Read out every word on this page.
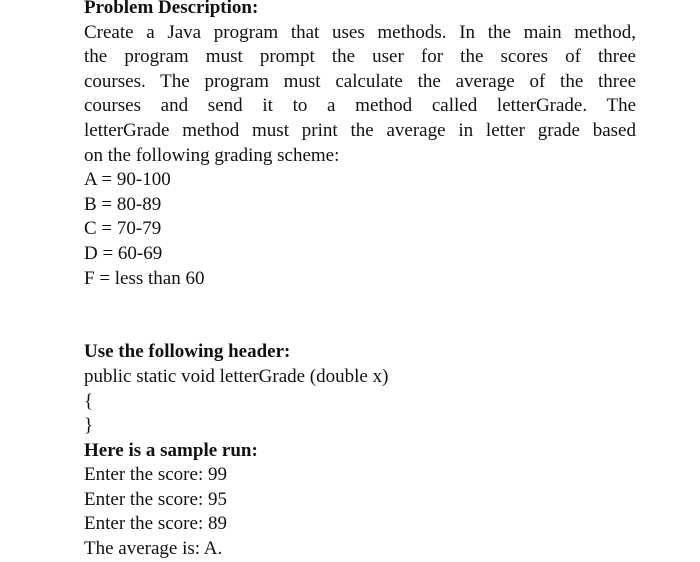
Problem Description:
Create a Java program that uses methods. In the main method,
the program must prompt the user for the scores of three
courses. The program must calculate the average of the three
courses and send it to a method called letterGrade. The
letterGrade method must print the average in letter grade based
on the following grading scheme:
A = 90-100
B = 80-89
C = 70-79
D = 60-69
F = less than 60
Use the following header:
public static void letterGrade (double x)
{
}
Here is a sample run:
Enter the score: 99
Enter the score: 95
Enter the score: 89
The average is: A.
